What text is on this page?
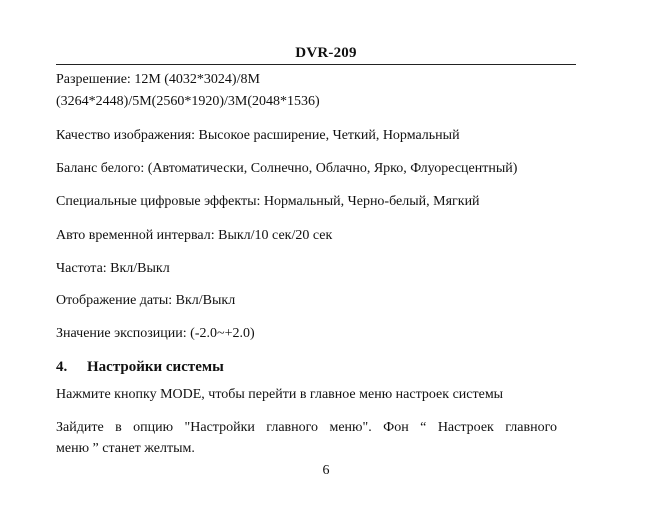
DVR-209
Разрешение: 12M (4032*3024)/8M
(3264*2448)/5M(2560*1920)/3M(2048*1536)
Качество изображения: Высокое расширение, Четкий, Нормальный
Баланс белого: (Автоматически, Солнечно, Облачно, Ярко, Флуоресцентный)
Специальные цифровые эффекты: Нормальный, Черно-белый, Мягкий
Авто временной интервал: Выкл/10 сек/20 сек
Частота: Вкл/Выкл
Отображение даты: Вкл/Выкл
Значение экспозиции: (-2.0~+2.0)
4. Настройки системы
Нажмите кнопку MODE, чтобы перейти в главное меню настроек системы
Зайдите в опцию "Настройки главного меню". Фон “ Настроек главного
меню ” станет желтым.
6
